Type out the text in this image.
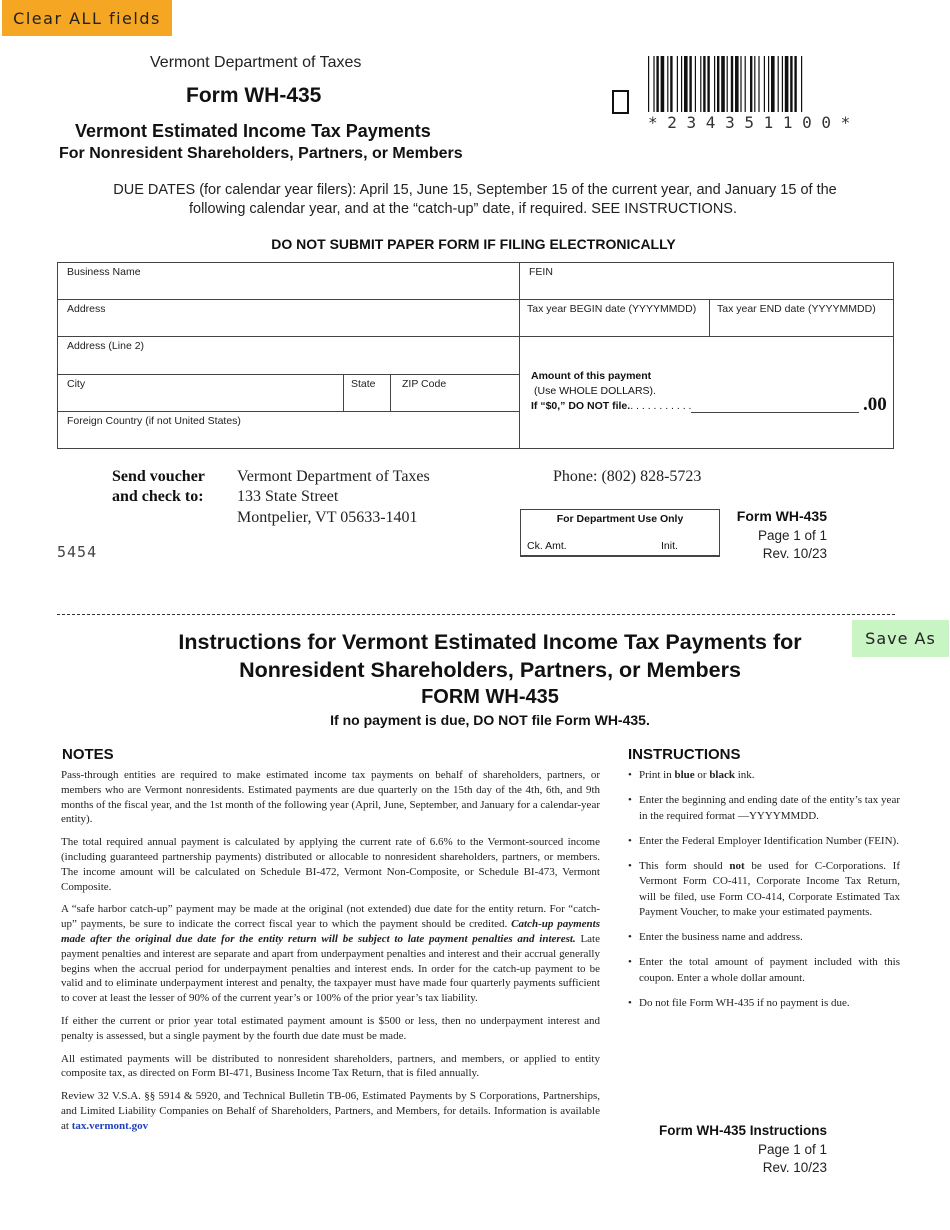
Clear ALL fields
Save As
Vermont Department of Taxes
Form WH-435
Vermont Estimated Income Tax Payments
For Nonresident Shareholders, Partners, or Members
* 2 3 4 3 5 1 1 0 0 *
DUE DATES (for calendar year filers): April 15, June 15, September 15 of the current year, and January 15 of the
following calendar year, and at the “catch-up” date, if required. SEE INSTRUCTIONS.
DO NOT SUBMIT PAPER FORM IF FILING ELECTRONICALLY
Business Name	FEIN
Address	Tax year BEGIN date (YYYYMMDD) Tax year END date (YYYYMMDD)
Address (Line 2)
City	State	ZIP Code
Foreign Country (if not United States)
Amount of this payment
(Use WHOLE DOLLARS).
If “$0,” DO NOT file.. . . . . . . . . . .	.00
Send voucher
and check to:
Vermont Department of Taxes
133 State Street
Montpelier, VT 05633-1401
Phone: (802) 828-5723
For Department Use Only
Ck. Amt.	Init.
Form WH-435
Page 1 of 1
Rev. 10/23
5454
Instructions for Vermont Estimated Income Tax Payments for
Nonresident Shareholders, Partners, or Members
FORM WH-435
If no payment is due, DO NOT file Form WH-435.
NOTES

Pass-through entities are required to make estimated income tax payments on behalf of shareholders, partners, or members who are Vermont nonresidents. Estimated payments are due quarterly on the 15th day of the 4th, 6th, and 9th months of the fiscal year, and the 1st month of the following year (April, June, September, and January for a calendar-year entity).

The total required annual payment is calculated by applying the current rate of 6.6% to the Vermont-sourced income (including guaranteed partnership payments) distributed or allocable to nonresident shareholders, partners, or members. The income amount will be calculated on Schedule BI-472, Vermont Non-Composite, or Schedule BI-473, Vermont Composite.

A “safe harbor catch-up” payment may be made at the original (not extended) due date for the entity return. For “catch-up” payments, be sure to indicate the correct fiscal year to which the payment should be credited. Catch-up payments made after the original due date for the entity return will be subject to late payment penalties and interest. Late payment penalties and interest are separate and apart from underpayment penalties and interest and their accrual generally begins when the accrual period for underpayment penalties and interest ends. In order for the catch-up payment to be valid and to eliminate underpayment interest and penalty, the taxpayer must have made four quarterly payments sufficient to cover at least the lesser of 90% of the current year’s or 100% of the prior year’s tax liability.

If either the current or prior year total estimated payment amount is $500 or less, then no underpayment interest and penalty is assessed, but a single payment by the fourth due date must be made.

All estimated payments will be distributed to nonresident shareholders, partners, and members, or applied to entity composite tax, as directed on Form BI-471, Business Income Tax Return, that is filed annually.

Review 32 V.S.A. §§ 5914 & 5920, and Technical Bulletin TB-06, Estimated Payments by S Corporations, Partnerships, and Limited Liability Companies on Behalf of Shareholders, Partners, and Members, for details. Information is available at tax.vermont.gov

INSTRUCTIONS
• Print in blue or black ink.
• Enter the beginning and ending date of the entity’s tax year in the required format —YYYYMMDD.
• Enter the Federal Employer Identification Number (FEIN).
• This form should not be used for C-Corporations. If Vermont Form CO-411, Corporate Income Tax Return, will be filed, use Form CO-414, Corporate Estimated Tax Payment Voucher, to make your estimated payments.
• Enter the business name and address.
• Enter the total amount of payment included with this coupon. Enter a whole dollar amount.
• Do not file Form WH-435 if no payment is due.
Form WH-435 Instructions
Page 1 of 1
Rev. 10/23
